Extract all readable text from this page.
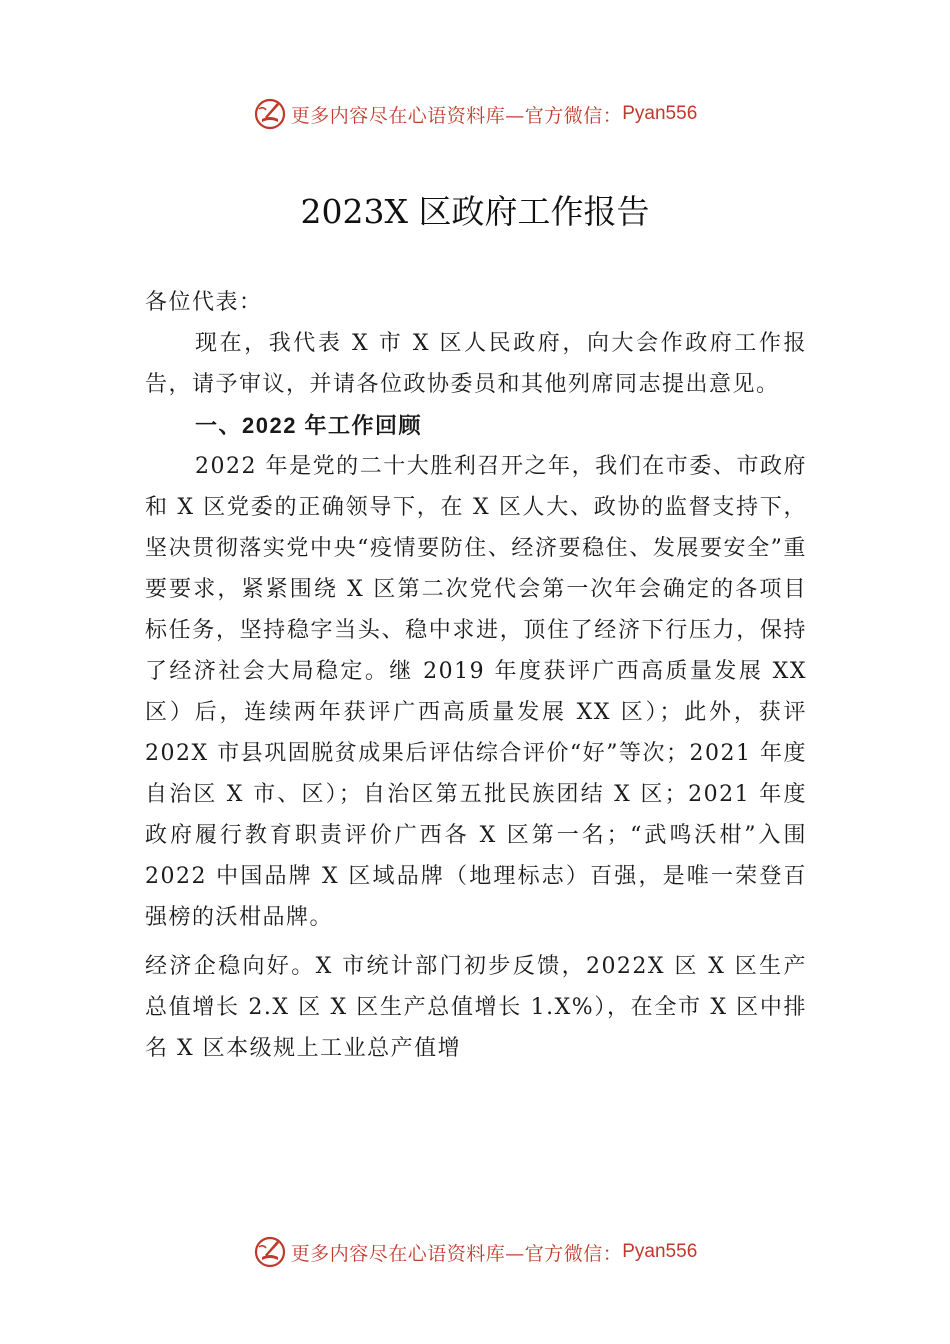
更多内容尽在心语资料库—官方微信： Pyan556
2023X 区政府工作报告

各位代表：

现在，我代表 X 市 X 区人民政府，向大会作政府工作报告，请予审议，并请各位政协委员和其他列席同志提出意见。

一、2022 年工作回顾

2022 年是党的二十大胜利召开之年，我们在市委、市政府和 X 区党委的正确领导下，在 X 区人大、政协的监督支持下，坚决贯彻落实党中央“疫情要防住、经济要稳住、发展要安全”重要要求，紧紧围绕 X 区第二次党代会第一次年会确定的各项目标任务，坚持稳字当头、稳中求进，顶住了经济下行压力，保持了经济社会大局稳定。继 2019 年度获评广西高质量发展 XX 区）后，连续两年获评广西高质量发展 XX 区）；此外，获评 202X 市县巩固脱贫成果后评估综合评价“好”等次；2021 年度自治区 X 市、区）；自治区第五批民族团结 X 区；2021 年度政府履行教育职责评价广西各 X 区第一名；“武鸣沃柑”入围 2022 中国品牌 X 区域品牌（地理标志）百强，是唯一荣登百强榜的沃柑品牌。

经济企稳向好。X 市统计部门初步反馈，2022X 区 X 区生产总值增长 2.X 区 X 区生产总值增长 1.X%），在全市 X 区中排名 X 区本级规上工业总产值增

更多内容尽在心语资料库—官方微信： Pyan556
